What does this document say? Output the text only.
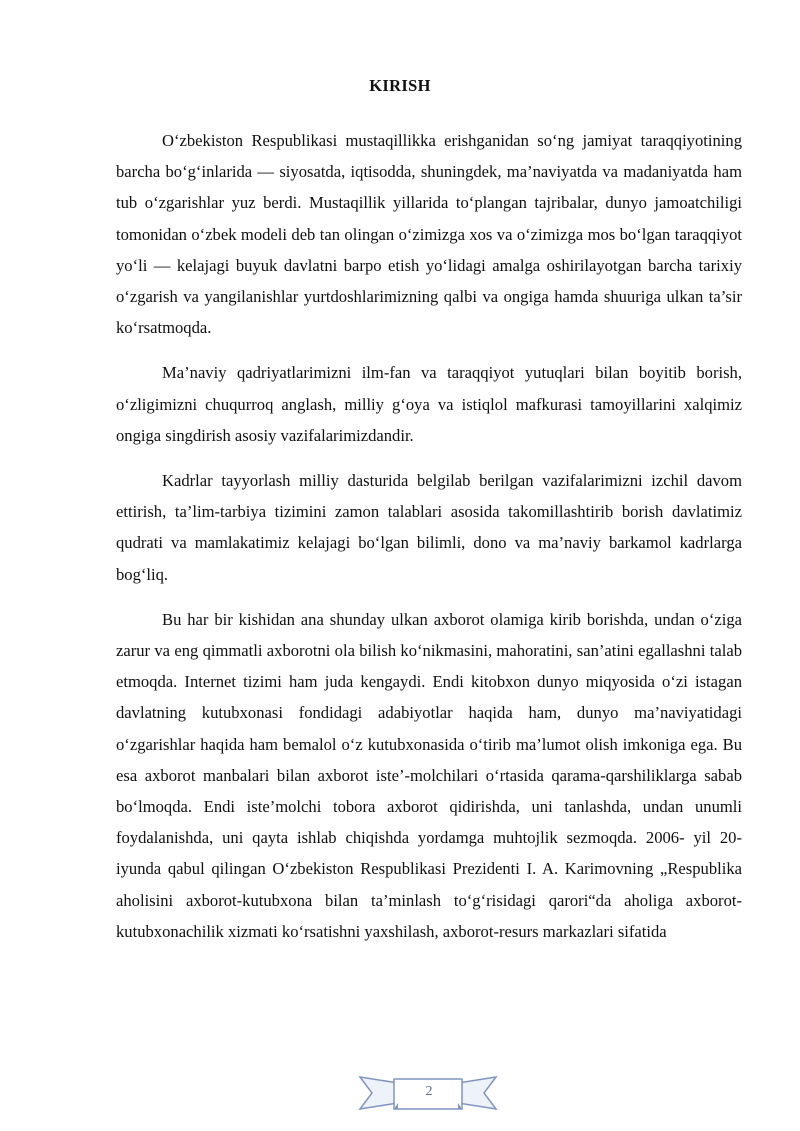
KIRISH

O‘zbekiston Respublikasi mustaqillikka erishganidan so‘ng jamiyat taraqqiyotining barcha bo‘g‘inlarida — siyosatda, iqtisodda, shuningdek, ma’naviyatda va madaniyatda ham tub o‘zgarishlar yuz berdi. Mustaqillik yillarida to‘plangan tajribalar, dunyo jamoatchiligi tomonidan o‘zbek modeli deb tan olingan o‘zimizga xos va o‘zimizga mos bo‘lgan taraqqiyot yo‘li — kelajagi buyuk davlatni barpo etish yo‘lidagi amalga oshirilayotgan barcha tarixiy o‘zgarish va yangilanishlar yurtdoshlarimizning qalbi va ongiga hamda shuuriga ulkan ta’sir ko‘rsatmoqda.

Ma’naviy qadriyatlarimizni ilm-fan va taraqqiyot yutuqlari bilan boyitib borish, o‘zligimizni chuqurroq anglash, milliy g‘oya va istiqlol mafkurasi tamoyillarini xalqimiz ongiga singdirish asosiy vazifalarimizdandir.

Kadrlar tayyorlash milliy dasturida belgilab berilgan vazifalarimizni izchil davom ettirish, ta’lim-tarbiya tizimini zamon talablari asosida takomillashtirib borish davlatimiz qudrati va mamlakatimiz kelajagi bo‘lgan bilimli, dono va ma’naviy barkamol kadrlarga bog‘liq.

Bu har bir kishidan ana shunday ulkan axborot olamiga kirib borishda, undan o‘ziga zarur va eng qimmatli axborotni ola bilish ko‘nikmasini, mahoratini, san’atini egallashni talab etmoqda. Internet tizimi ham juda kengaydi. Endi kitobxon dunyo miqyosida o‘zi istagan davlatning kutubxonasi fondidagi adabiyotlar haqida ham, dunyo ma’naviyatidagi o‘zgarishlar haqida ham bemalol o‘z kutubxonasida o‘tirib ma’lumot olish imkoniga ega. Bu esa axborot manbalari bilan axborot iste’-molchilari o‘rtasida qarama-qarshiliklarga sabab bo‘lmoqda. Endi iste’molchi tobora axborot qidirishda, uni tanlashda, undan unumli foydalanishda, uni qayta ishlab chiqishda yordamga muhtojlik sezmoqda. 2006- yil 20- iyunda qabul qilingan O‘zbekiston Respublikasi Prezidenti I. A. Karimovning „Respublika aholisini axborot-kutubxona bilan ta’minlash to‘g‘risidagi qarori“da aholiga axborot-kutubxonachilik xizmati ko‘rsatishni yaxshilash, axborot-resurs markazlari sifatida

2
